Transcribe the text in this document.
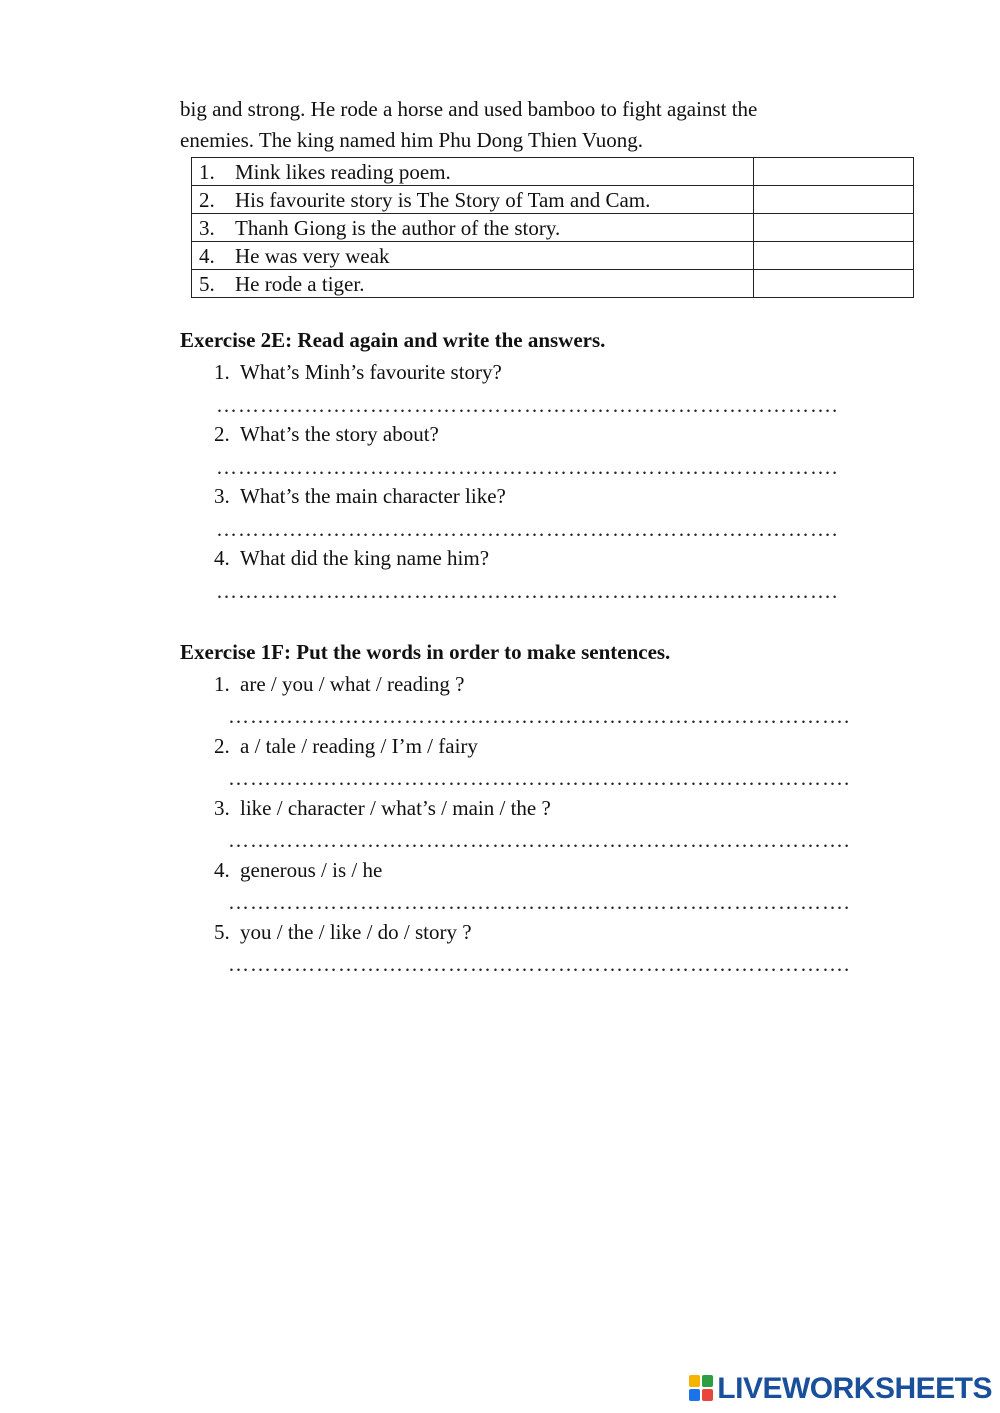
big and strong. He rode a horse and used bamboo to fight against the

enemies. The king named him Phu Dong Thien Vuong.

1. Mink likes reading poem.	
2. His favourite story is The Story of Tam and Cam.	
3. Thanh Giong is the author of the story.	
4. He was very weak	
5. He rode a tiger.	
Exercise 2E: Read again and write the answers.
1. What’s Minh’s favourite story?
………………………………………………………………………….
2. What’s the story about?
………………………………………………………………………….
3. What’s the main character like?
………………………………………………………………………….
4. What did the king name him?
………………………………………………………………………….
Exercise 1F: Put the words in order to make sentences.
1. are / you / what / reading ?
………………………………………………………………………….
2. a / tale / reading / I’m / fairy
………………………………………………………………………….
3. like / character / what’s / main / the ?
………………………………………………………………………….
4. generous / is / he
………………………………………………………………………….
5. you / the / like / do / story ?
………………………………………………………………………….
LIVEWORKSHEETS
